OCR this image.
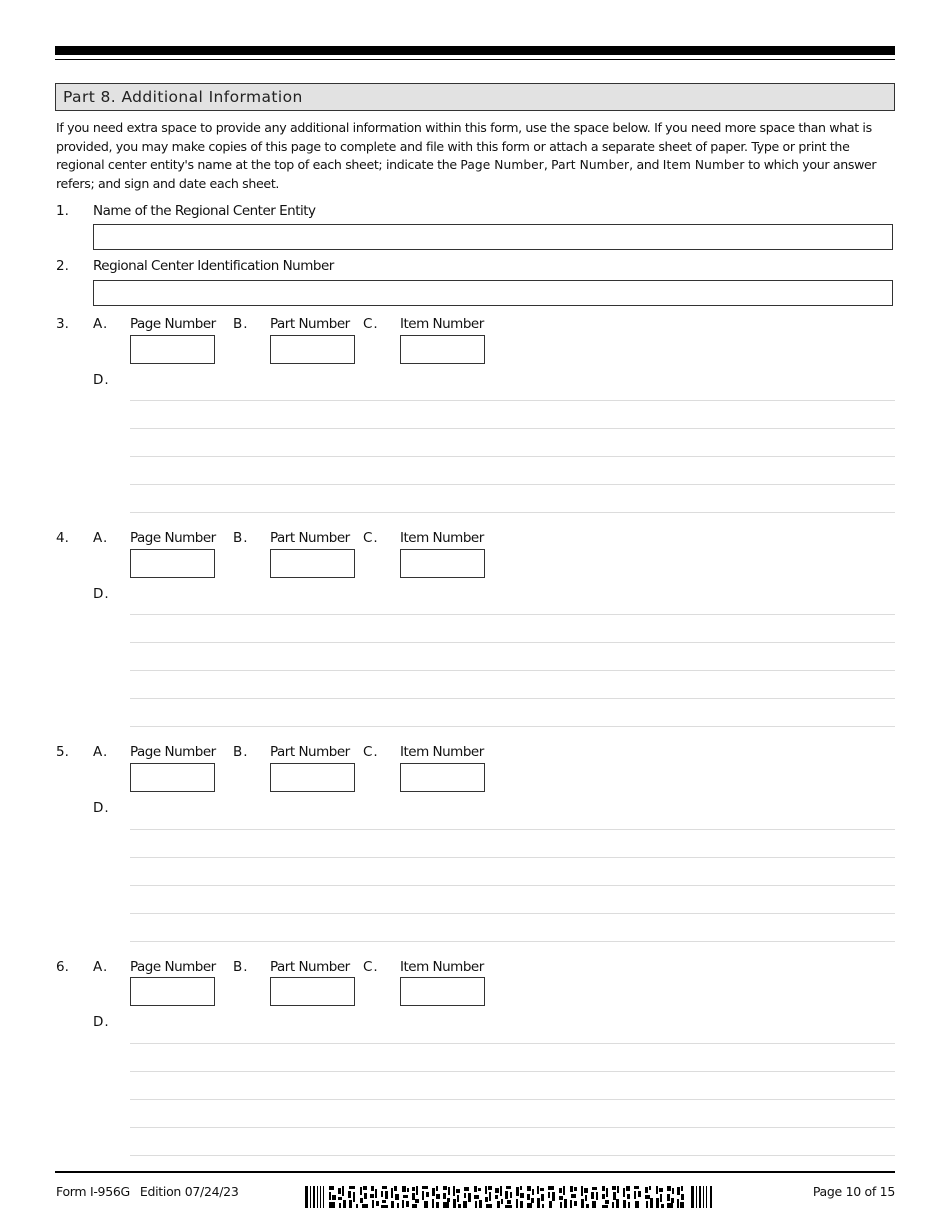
Part 8. Additional Information

If you need extra space to provide any additional information within this form, use the space below. If you need more space than what is provided, you may make copies of this page to complete and file with this form or attach a separate sheet of paper. Type or print the regional center entity's name at the top of each sheet; indicate the Page Number, Part Number, and Item Number to which your answer refers; and sign and date each sheet.

1. Name of the Regional Center Entity
2. Regional Center Identification Number
3. A. Page Number B. Part Number C. Item Number
D.
4. A. Page Number B. Part Number C. Item Number
D.
5. A. Page Number B. Part Number C. Item Number
D.
6. A. Page Number B. Part Number C. Item Number
D.
Form I-956G Edition 07/24/23	Page 10 of 15
